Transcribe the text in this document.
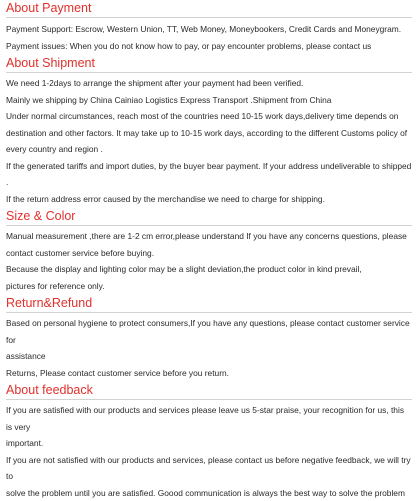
About Payment

Payment Support: Escrow, Western Union, TT, Web Money, Moneybookers, Credit Cards and Moneygram.

Payment issues: When you do not know how to pay, or pay encounter problems, please contact us

About Shipment

We need 1-2days to arrange the shipment after your payment had been verified.

Mainly we shipping by China Cainiao Logistics Express Transport .Shipment from China

Under normal circumstances, reach most of the countries need 10-15 work days,delivery time depends on

destination and other factors. It may take up to 10-15 work days, according to the different Customs policy of

every country and region .

If the generated tariffs and import duties, by the buyer bear payment. If your address undeliverable to shipped .

If the return address error caused by the merchandise we need to charge for shipping.

Size & Color

Manual measurement ,there are 1-2 cm error,please understand If you have any concerns questions, please

contact customer service before buying.

Because the display and lighting color may be a slight deviation,the product color in kind prevail,

pictures for reference only.

Return&Refund

Based on personal hygiene to protect consumers,If you have any questions, please contact customer service for

assistance

Returns, Please contact customer service before you return.

About feedback

If you are satisfied with our products and services please leave us 5-star praise, your recognition for us, this is very

important.

If you are not satisfied with our products and services, please contact us before negative feedback, we will try to

solve the problem until you are satisfied. Goood communication is always the best way to solve the problem
